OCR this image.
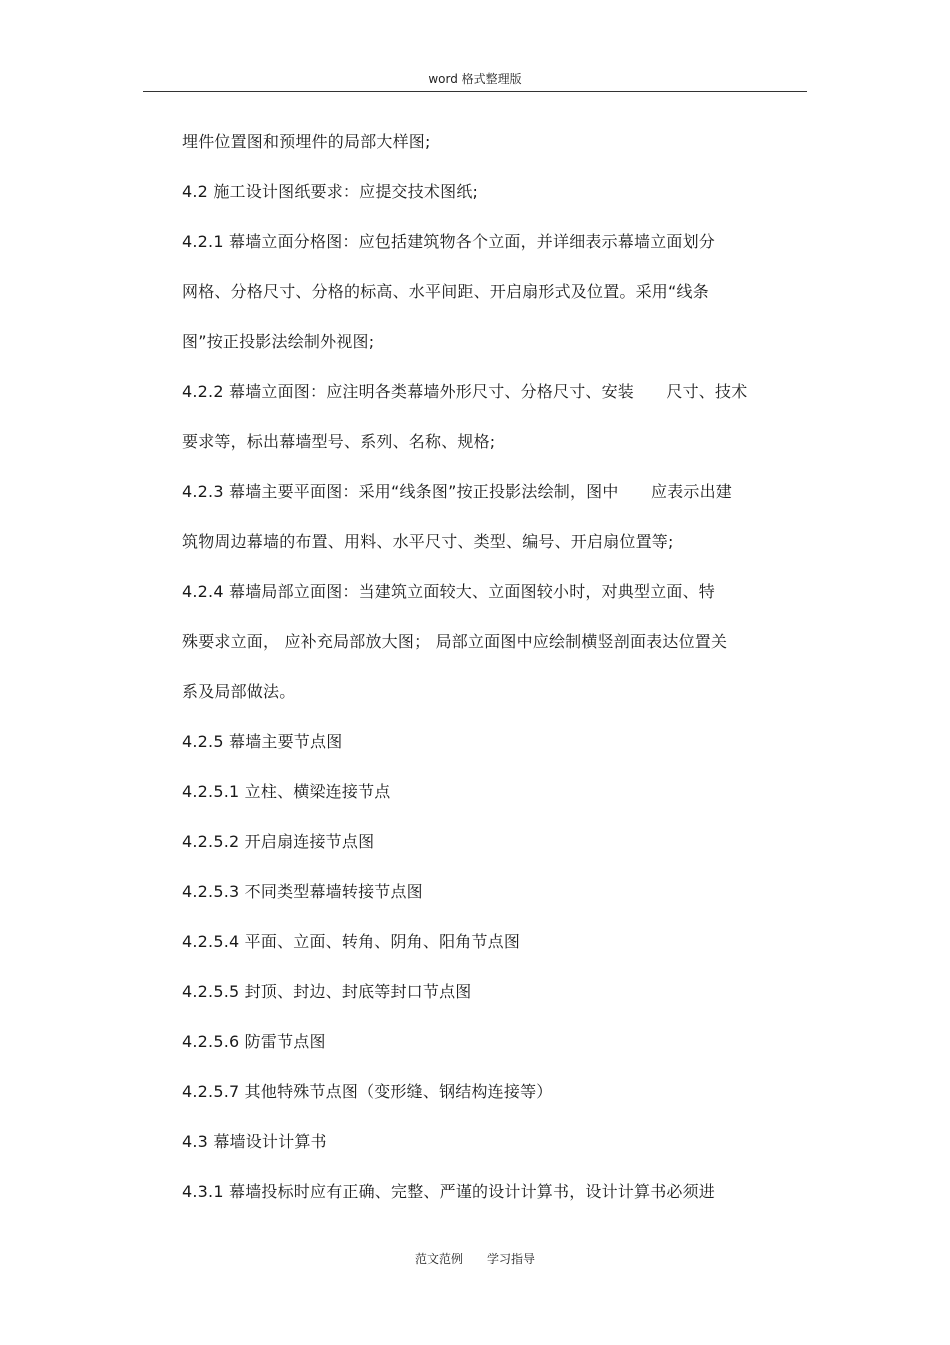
word 格式整理版
埋件位置图和预埋件的局部大样图;
4.2 施工设计图纸要求：应提交技术图纸;
4.2.1 幕墙立面分格图：应包括建筑物各个立面，并详细表示幕墙立面划分
网格、分格尺寸、分格的标高、水平间距、开启扇形式及位置。采用“线条
图”按正投影法绘制外视图;
4.2.2 幕墙立面图：应注明各类幕墙外形尺寸、分格尺寸、安装　　尺寸、技术
要求等，标出幕墙型号、系列、名称、规格;
4.2.3 幕墙主要平面图：采用“线条图”按正投影法绘制，图中　　应表示出建
筑物周边幕墙的布置、用料、水平尺寸、类型、编号、开启扇位置等;
4.2.4 幕墙局部立面图：当建筑立面较大、立面图较小时，对典型立面、特
殊要求立面， 应补充局部放大图； 局部立面图中应绘制横竖剖面表达位置关
系及局部做法。
4.2.5 幕墙主要节点图
4.2.5.1 立柱、横梁连接节点
4.2.5.2 开启扇连接节点图
4.2.5.3 不同类型幕墙转接节点图
4.2.5.4 平面、立面、转角、阴角、阳角节点图
4.2.5.5 封顶、封边、封底等封口节点图
4.2.5.6 防雷节点图
4.2.5.7 其他特殊节点图（变形缝、钢结构连接等）
4.3 幕墙设计计算书
4.3.1 幕墙投标时应有正确、完整、严谨的设计计算书，设计计算书必须进
范文范例　　学习指导
